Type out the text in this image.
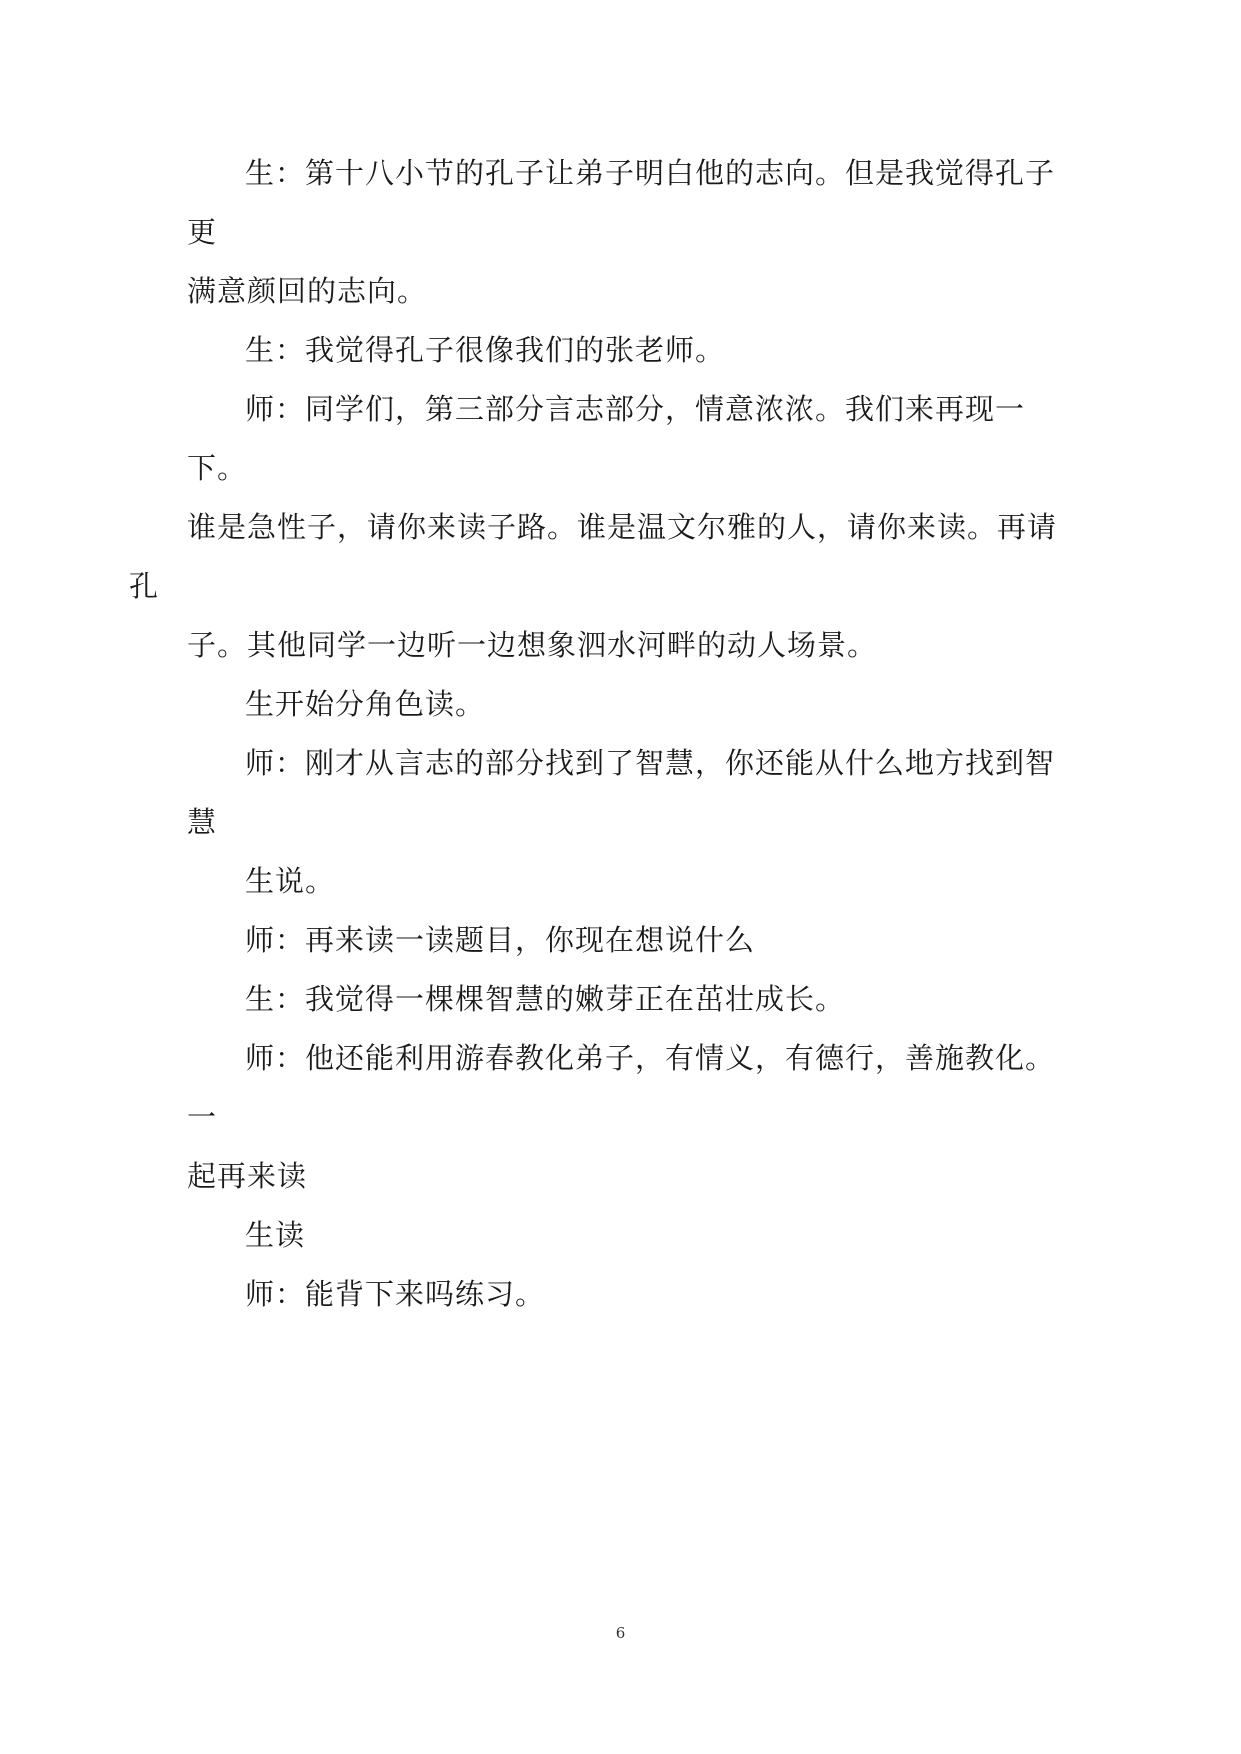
生：第十八小节的孔子让弟子明白他的志向。但是我觉得孔子更
满意颜回的志向。

生：我觉得孔子很像我们的张老师。

师：同学们，第三部分言志部分，情意浓浓。我们来再现一下。
谁是急性子，请你来读子路。谁是温文尔雅的人，请你来读。再请孔
子。其他同学一边听一边想象泗水河畔的动人场景。

生开始分角色读。

师：刚才从言志的部分找到了智慧，你还能从什么地方找到智慧

生说。

师：再来读一读题目，你现在想说什么

生：我觉得一棵棵智慧的嫩芽正在茁壮成长。

师：他还能利用游春教化弟子，有情义，有德行，善施教化。一
起再来读

生读

师：能背下来吗练习。

6
